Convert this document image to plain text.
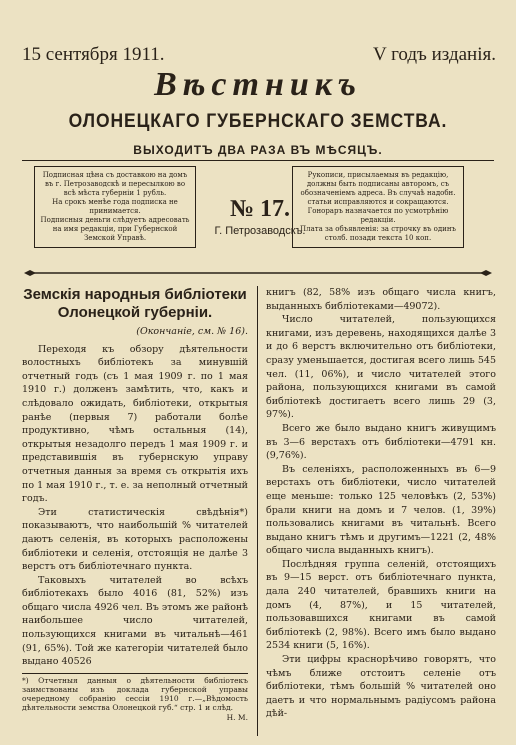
15 сентября 1911.	V годъ изданія.
Вѣстникъ
ОЛОНЕЦКАГО ГУБЕРНСКАГО ЗЕМСТВА.
ВЫХОДИТЪ ДВА РАЗА ВЪ МѢСЯЦЪ.

Подписная цѣна съ доставкою на домъ въ г. Петрозаводскѣ и пересылкою во всѣ мѣста губерніи 1 рубль.

На срокъ менѣе года подписка не принимается.

Подписныя деньги слѣдуетъ адресовать на имя редакціи, при Губернской Земской Управѣ.

№ 17.
Г. Петрозаводскъ.

Рукописи, присылаемыя въ редакцію, должны быть подписаны авторомъ, съ обозначеніемъ адреса. Въ случаѣ надобн. статьи исправляются и сокращаются. Гонораръ назначается по усмотрѣнію редакціи.

Плата за объявленія: за строчку въ одинъ столб. позади текста 10 коп.

Земскія народныя библіотеки Олонецкой губерніи.
(Окончаніе, см. № 16).

Переходя къ обзору дѣятельности волостныхъ библіотекъ за минувшій отчетный годъ (съ 1 мая 1909 г. по 1 мая 1910 г.) долженъ замѣтить, что, какъ и слѣдовало ожидать, библіотеки, открытыя ранѣе (первыя 7) работали болѣе продуктивно, чѣмъ остальныя (14), открытыя незадолго передъ 1 мая 1909 г. и представившія въ губернскую управу отчетныя данныя за время съ открытія ихъ по 1 мая 1910 г., т. е. за неполный отчетный годъ.

Эти статистическія свѣдѣнія*) показываютъ, что наибольшій % читателей даютъ селенія, въ которыхъ расположены библіотеки и селенія, отстоящія не далѣе 3 верстъ отъ библіотечнаго пункта.

Таковыхъ читателей во всѣхъ библіотекахъ было 4016 (81, 52%) изъ общаго числа 4926 чел. Въ этомъ же районѣ наибольшее число читателей, пользующихся книгами въ читальнѣ—461 (91, 65%). Той же категоріи читателей было выдано 40526

*) Отчетныя данныя о дѣятельности библіотекъ заимствованы изъ доклада губернской управы очередному собранію сессіи 1910 г.—„Вѣдомость дѣятельности земства Олонецкой губ.“ стр. 1 и слѣд.
Н. М.

книгъ (82, 58% изъ общаго числа книгъ, выданныхъ библіотеками—49072).

Число читателей, пользующихся книгами, изъ деревень, находящихся далѣе 3 и до 6 верстъ включительно отъ библіотеки, сразу уменьшается, достигая всего лишь 545 чел. (11, 06%), и число читателей этого района, пользующихся книгами въ самой библіотекѣ достигаетъ всего лишь 29 (3, 97%).

Всего же было выдано книгъ живущимъ въ 3—6 верстахъ отъ библіотеки—4791 кн. (9,76%).

Въ селеніяхъ, расположенныхъ въ 6—9 верстахъ отъ библіотеки, число читателей еще меньше: только 125 человѣкъ (2, 53%) брали книги на домъ и 7 челов. (1, 39%) пользовались книгами въ читальнѣ. Всего выдано книгъ тѣмъ и другимъ—1221 (2, 48% общаго числа выданныхъ книгъ).

Послѣдняя группа селеній, отстоящихъ въ 9—15 верст. отъ библіотечнаго пункта, дала 240 читателей, бравшихъ книги на домъ (4, 87%), и 15 читателей, пользовавшихся книгами въ самой библіотекѣ (2, 98%). Всего имъ было выдано 2534 книги (5, 16%).

Эти цифры краснорѣчиво говорятъ, что чѣмъ ближе отстоитъ селеніе отъ библіотеки, тѣмъ большій % читателей оно даетъ и что нормальнымъ радіусомъ района дѣй-
